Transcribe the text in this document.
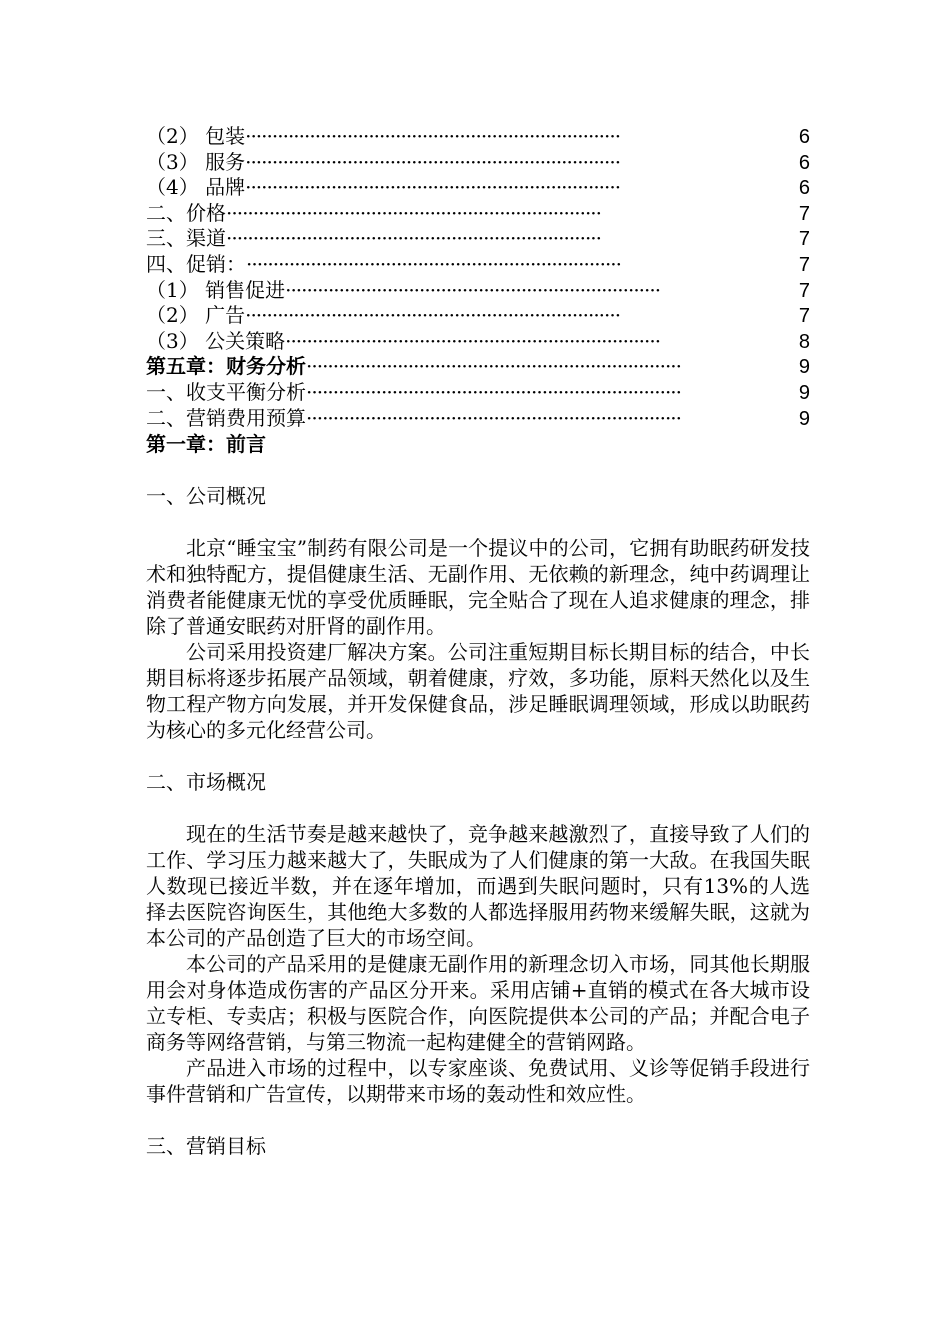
（2） 包装 ······································································	6
（3） 服务 ······································································	6
（4） 品牌 ······································································	6
二、价格 ······································································	7
三、渠道 ······································································	7
四、促销： ······································································	7
（1） 销售促进 ······································································	7
（2） 广告 ······································································	7
（3） 公关策略 ······································································	8
第五章：财务分析 ······································································	9
一、收支平衡分析 ······································································	9
二、营销费用预算 ······································································	9
第一章：前言
一、公司概况

北京“睡宝宝”制药有限公司是一个提议中的公司，它拥有助眠药研发技术和独特配方，提倡健康生活、无副作用、无依赖的新理念，纯中药调理让消费者能健康无忧的享受优质睡眠，完全贴合了现在人追求健康的理念，排除了普通安眠药对肝肾的副作用。

公司采用投资建厂解决方案。公司注重短期目标长期目标的结合，中长期目标将逐步拓展产品领域，朝着健康，疗效，多功能，原料天然化以及生物工程产物方向发展，并开发保健食品，涉足睡眠调理领域，形成以助眠药为核心的多元化经营公司。

二、市场概况

现在的生活节奏是越来越快了，竞争越来越激烈了，直接导致了人们的工作、学习压力越来越大了，失眠成为了人们健康的第一大敌。在我国失眠人数现已接近半数，并在逐年增加，而遇到失眠问题时，只有13%的人选择去医院咨询医生，其他绝大多数的人都选择服用药物来缓解失眠，这就为本公司的产品创造了巨大的市场空间。

本公司的产品采用的是健康无副作用的新理念切入市场，同其他长期服用会对身体造成伤害的产品区分开来。采用店铺+直销的模式在各大城市设立专柜、专卖店；积极与医院合作，向医院提供本公司的产品；并配合电子商务等网络营销，与第三物流一起构建健全的营销网路。

产品进入市场的过程中，以专家座谈、免费试用、义诊等促销手段进行事件营销和广告宣传，以期带来市场的轰动性和效应性。

三、营销目标
